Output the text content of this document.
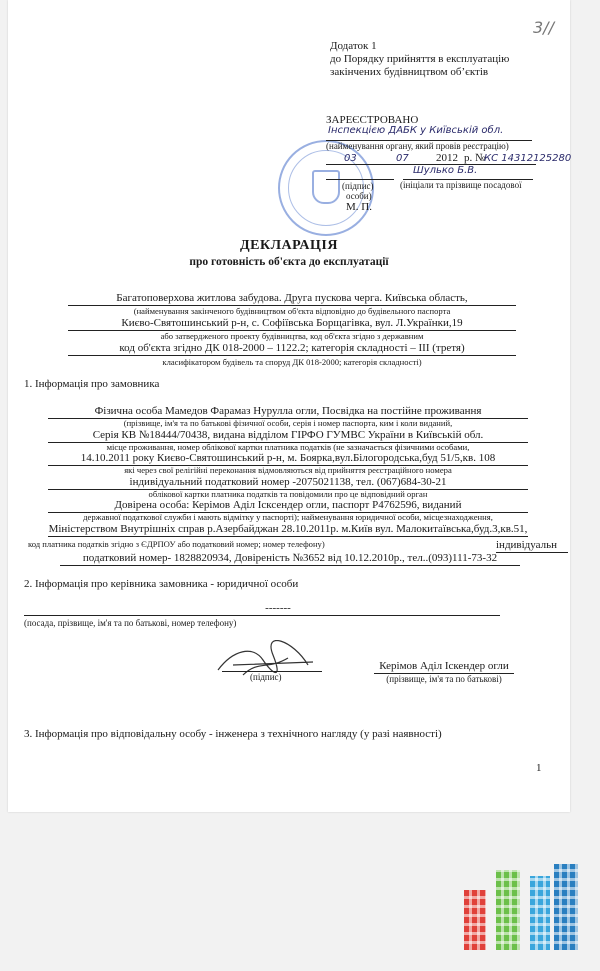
3//
Додаток 1
до Порядку прийняття в експлуатацію
закінчених будівництвом об’єктів
ЗАРЕЄСТРОВАНО
Інспекцією ДАБК у Київській обл.
(найменування органу, який провів реєстрацію)
03	07 2012 р. №
КС 14312125280
Шулько Б.В.
(підпис)	(ініціали та прізвище посадової
особи)
М. П.
ДЕКЛАРАЦІЯ
про готовність об'єкта до експлуатації
Багатоповерхова житлова забудова. Друга пускова черга. Київська область,
(найменування закінченого будівництвом об'єкта відповідно до будівельного паспорта
Києво-Святошинський р-н, с. Софіївська Борщагівка, вул. Л.Українки,19
або затвердженого проекту будівництва, код об'єкта згідно з державним
код об'єкта згідно ДК 018-2000 – 1122.2; категорія складності – ІІІ (третя)
класифікатором будівель та споруд ДК 018-2000; категорія складності)
1. Інформація про замовника
Фізична особа Мамедов Фарамаз Нурулла огли, Посвідка на постійне проживання
(прізвище, ім'я та по батькові фізичної особи, серія і номер паспорта, ким і коли виданий,
Серія КВ №18444/70438, видана відділом ГІРФО ГУМВС України в Київській обл.
місце проживання, номер облікової картки платника податків (не зазначається фізичними особами,
14.10.2011 року Києво-Святошинський р-н, м. Боярка,вул.Білогородська,буд 51/5,кв. 108
які через свої релігійні переконання відмовляються від прийняття реєстраційного номера
індивідуальний податковий номер -2075021138, тел. (067)684-30-21
облікової картки платника податків та повідомили про це відповідний орган
Довірена особа: Керімов Аділ Ісксендер огли, паспорт Р4762596, виданий
державної податкової служби і мають відмітку у паспорті); найменування юридичної особи, місцезнаходження,
Міністерством Внутрішніх справ р.Азербайджан 28.10.2011р. м.Київ вул. Малокитаївська,буд.3,кв.51,
код платника податків згідно з ЄДРПОУ або податковий номер; номер телефону)	індивідуальн
податковий номер- 1828820934, Довіреність №3652 від 10.12.2010р., тел..(093)111-73-32
2. Інформація про керівника замовника - юридичної особи
-------
(посада, прізвище, ім'я та по батькові, номер телефону)
(підпис)
Керімов Аділ Іскендер огли
(прізвище, ім'я та по батькові)
3. Інформація про відповідальну особу - інженера з технічного нагляду (у разі наявності)
1
